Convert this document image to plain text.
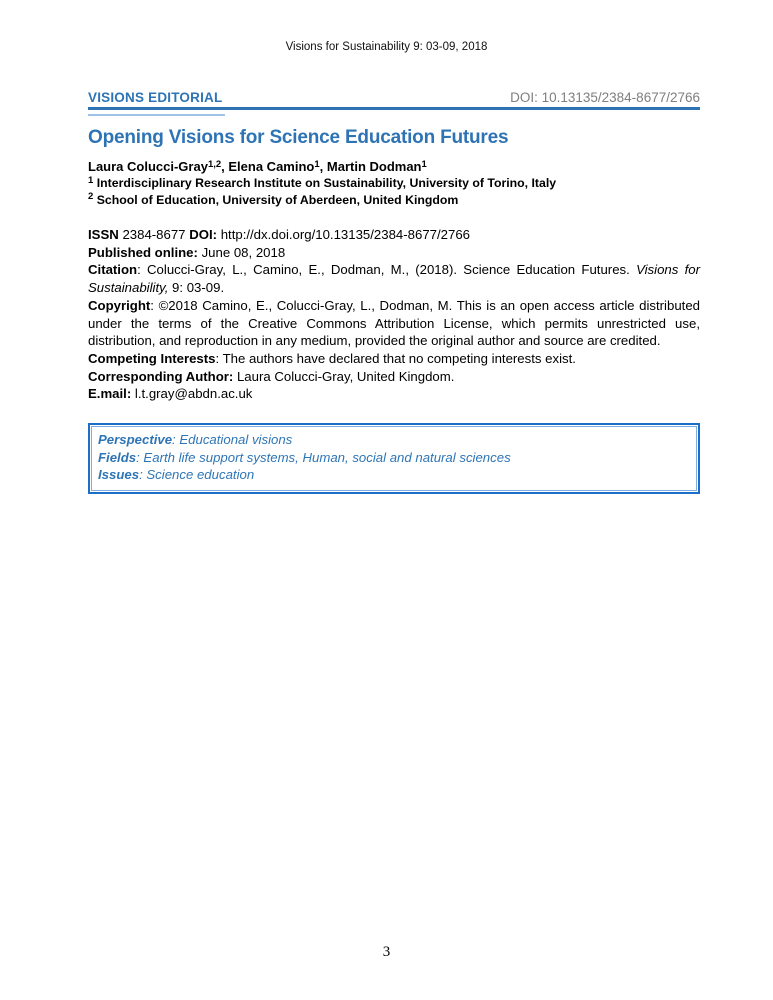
Visions for Sustainability 9: 03-09, 2018
VISIONS EDITORIAL	DOI: 10.13135/2384-8677/2766
Opening Visions for Science Education Futures
Laura Colucci-Gray$^{1,2}$, Elena Camino$^1$, Martin Dodman$^1$
$^1$ Interdisciplinary Research Institute on Sustainability, University of Torino, Italy
$^2$ School of Education, University of Aberdeen, United Kingdom
ISSN 2384-8677 DOI: http://dx.doi.org/10.13135/2384-8677/2766
Published online: June 08, 2018
Citation: Colucci-Gray, L., Camino, E., Dodman, M., (2018). Science Education Futures. Visions for Sustainability, 9: 03-09.
Copyright: ©2018 Camino, E., Colucci-Gray, L., Dodman, M. This is an open access article distributed under the terms of the Creative Commons Attribution License, which permits unrestricted use, distribution, and reproduction in any medium, provided the original author and source are credited.
Competing Interests: The authors have declared that no competing interests exist.
Corresponding Author: Laura Colucci-Gray, United Kingdom.
E.mail: l.t.gray@abdn.ac.uk
Perspective: Educational visions
Fields: Earth life support systems, Human, social and natural sciences
Issues: Science education
3
